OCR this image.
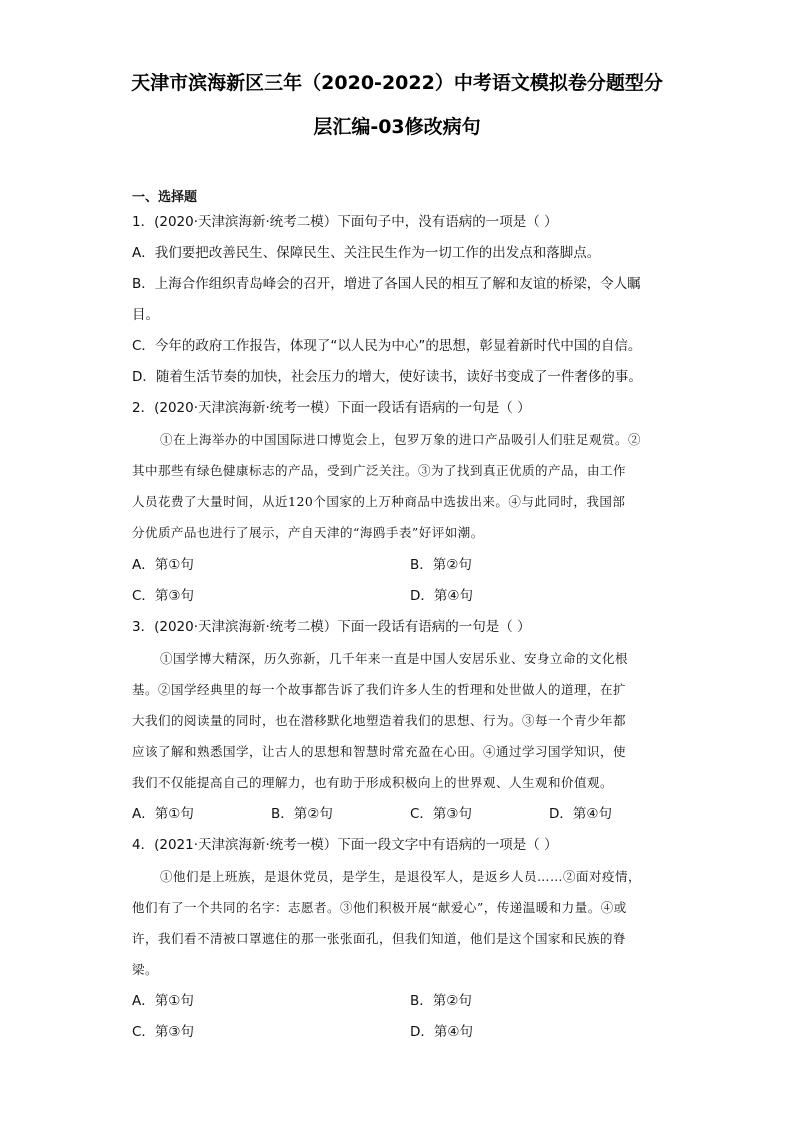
天津市滨海新区三年（2020-2022）中考语文模拟卷分题型分
层汇编-03修改病句
一、选择题
1．(2020·天津滨海新·统考二模）下面句子中，没有语病的一项是（ ）
A．我们要把改善民生、保障民生、关注民生作为一切工作的出发点和落脚点。
B．上海合作组织青岛峰会的召开，增进了各国人民的相互了解和友谊的桥梁，令人瞩
目。
C．今年的政府工作报告，体现了“以人民为中心”的思想，彰显着新时代中国的自信。
D．随着生活节奏的加快，社会压力的增大，使好读书，读好书变成了一件奢侈的事。
2．(2020·天津滨海新·统考一模）下面一段话有语病的一句是（ ）
①在上海举办的中国国际进口博览会上，包罗万象的进口产品吸引人们驻足观赏。②
其中那些有绿色健康标志的产品，受到广泛关注。③为了找到真正优质的产品，由工作
人员花费了大量时间，从近120个国家的上万种商品中选拔出来。④与此同时，我国部
分优质产品也进行了展示，产自天津的“海鸥手表”好评如潮。
A．第①句	B．第②句
C．第③句	D．第④句
3．(2020·天津滨海新·统考二模）下面一段话有语病的一句是（ ）
①国学博大精深，历久弥新，几千年来一直是中国人安居乐业、安身立命的文化根
基。②国学经典里的每一个故事都告诉了我们许多人生的哲理和处世做人的道理，在扩
大我们的阅读量的同时，也在潜移默化地塑造着我们的思想、行为。③每一个青少年都
应该了解和熟悉国学，让古人的思想和智慧时常充盈在心田。④通过学习国学知识，使
我们不仅能提高自己的理解力，也有助于形成积极向上的世界观、人生观和价值观。
A．第①句	B．第②句	C．第③句	D．第④句
4．(2021·天津滨海新·统考一模）下面一段文字中有语病的一项是（ ）
①他们是上班族，是退休党员，是学生，是退役军人，是返乡人员……②面对疫情，
他们有了一个共同的名字：志愿者。③他们积极开展“献爱心”，传递温暖和力量。④或
许，我们看不清被口罩遮住的那一张张面孔，但我们知道，他们是这个国家和民族的脊
梁。
A．第①句	B．第②句
C．第③句	D．第④句
